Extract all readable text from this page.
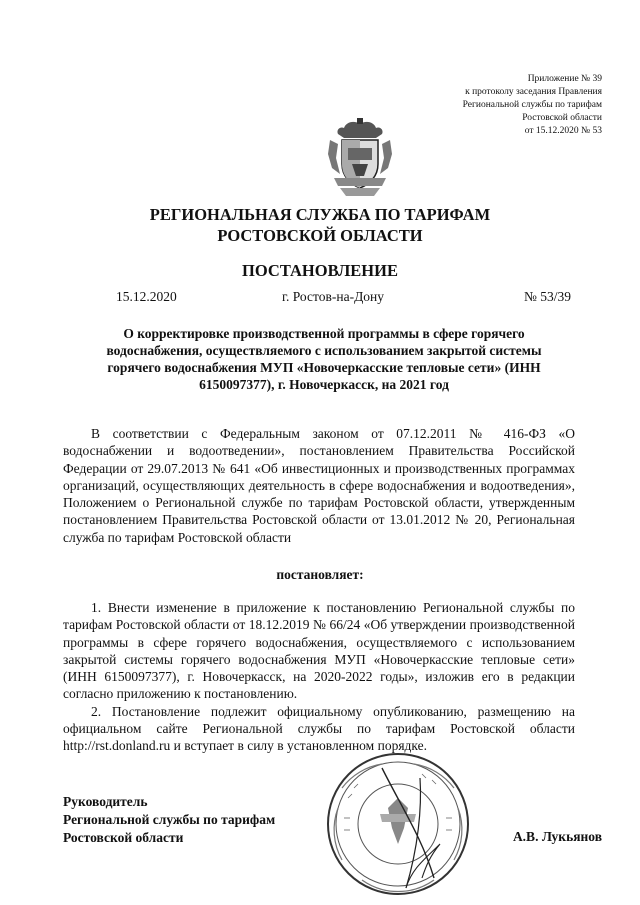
Приложение № 39
к протоколу заседания Правления
Региональной службы по тарифам
Ростовской области
от 15.12.2020 № 53
РЕГИОНАЛЬНАЯ СЛУЖБА ПО ТАРИФАМ
РОСТОВСКОЙ ОБЛАСТИ
ПОСТАНОВЛЕНИЕ
15.12.2020	г. Ростов-на-Дону	№ 53/39
О корректировке производственной программы в сфере горячего водоснабжения, осуществляемого с использованием закрытой системы горячего водоснабжения МУП «Новочеркасские тепловые сети» (ИНН 6150097377), г. Новочеркасск, на 2021 год

В соответствии с Федеральным законом от 07.12.2011 № 416-ФЗ «О водоснабжении и водоотведении», постановлением Правительства Российской Федерации от 29.07.2013 № 641 «Об инвестиционных и производственных программах организаций, осуществляющих деятельность в сфере водоснабжения и водоотведения», Положением о Региональной службе по тарифам Ростовской области, утвержденным постановлением Правительства Ростовской области от 13.01.2012 № 20, Региональная служба по тарифам Ростовской области

постановляет:

1. Внести изменение в приложение к постановлению Региональной службы по тарифам Ростовской области от 18.12.2019 № 66/24 «Об утверждении производственной программы в сфере горячего водоснабжения, осуществляемого с использованием закрытой системы горячего водоснабжения МУП «Новочеркасские тепловые сети» (ИНН 6150097377), г. Новочеркасск, на 2020-2022 годы», изложив его в редакции согласно приложению к постановлению.

2. Постановление подлежит официальному опубликованию, размещению на официальном сайте Региональной службы по тарифам Ростовской области http://rst.donland.ru и вступает в силу в установленном порядке.

Руководитель
Региональной службы по тарифам
Ростовской области	А.В. Лукьянов
